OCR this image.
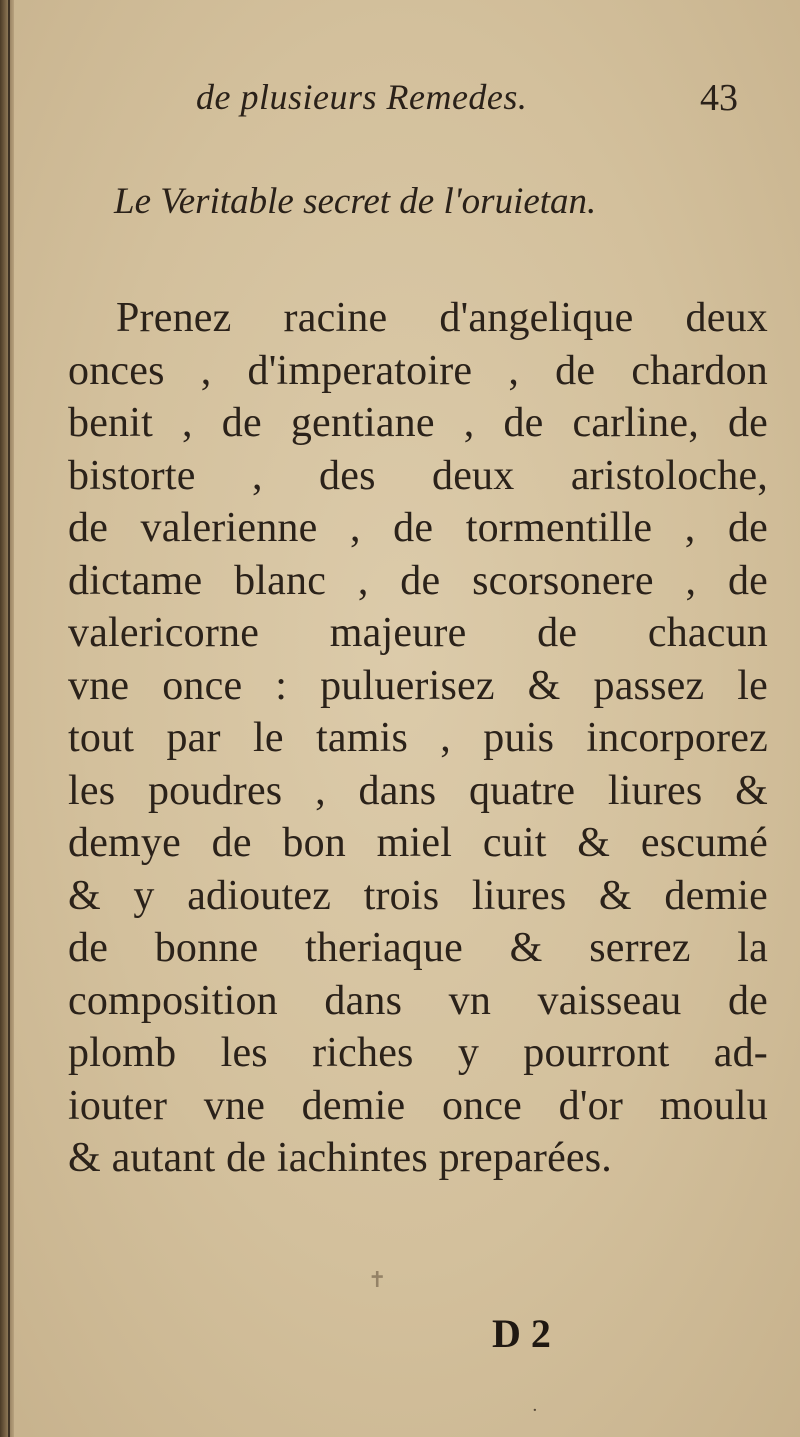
de plusieurs Remedes.	43
Le Veritable secret de l'oruietan.
Prenez racine d'angelique deux
onces , d'imperatoire , de chardon
benit , de gentiane , de carline, de
bistorte , des deux aristoloche,
de valerienne , de tormentille , de
dictame blanc , de scorsonere , de
valericorne majeure de chacun
vne once : puluerisez & passez le
tout par le tamis , puis incorporez
les poudres , dans quatre liures &
demye de bon miel cuit & escumé
& y adioutez trois liures & demie
de bonne theriaque & serrez la
composition dans vn vaisseau de
plomb les riches y pourront ad-
iouter vne demie once d'or moulu
& autant de iachintes preparées.
✝
D 2
·
